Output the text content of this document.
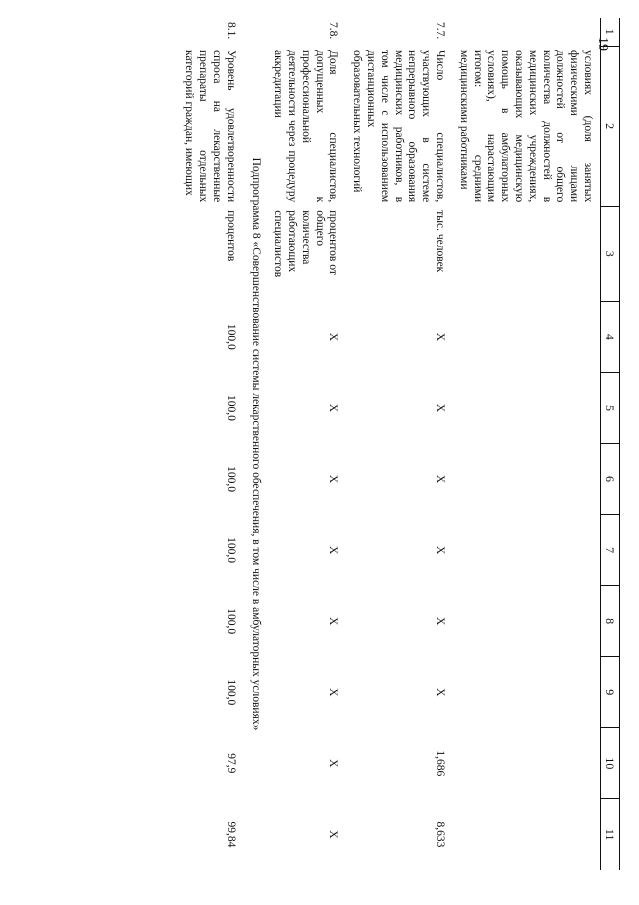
19
1	2	3	4	5	6	7	8	9	10	11
	условиях (доля занятых физическими лицами должностей от общего количества должностей в медицинских учреждениях, оказывающих медицинскую помощь в амбулаторных условиях), нарастающим итогом: средними медицинскими работниками									
7.7.	Число специалистов, участвующих в системе непрерывного образования медицинских работников, в том числе с использованием дистанционных образовательных технологий	тыс. человек	X	X	X	X	X	X	1,686	8,633
7.8.	Доля специалистов, допущенных к профессиональной деятельности через процедуру аккредитации	процентов от общего количества работающих специалистов	X	X	X	X	X	X	X	X
Подпрограмма 8 «Совершенствование системы лекарственного обеспечения, в том числе в амбулаторных условиях»										
8.1.	Уровень удовлетворенности спроса на лекарственные препараты отдельных категорий граждан, имеющих	процентов	100,0	100,0	100,0	100,0	100,0	100,0	97,9	99,84
